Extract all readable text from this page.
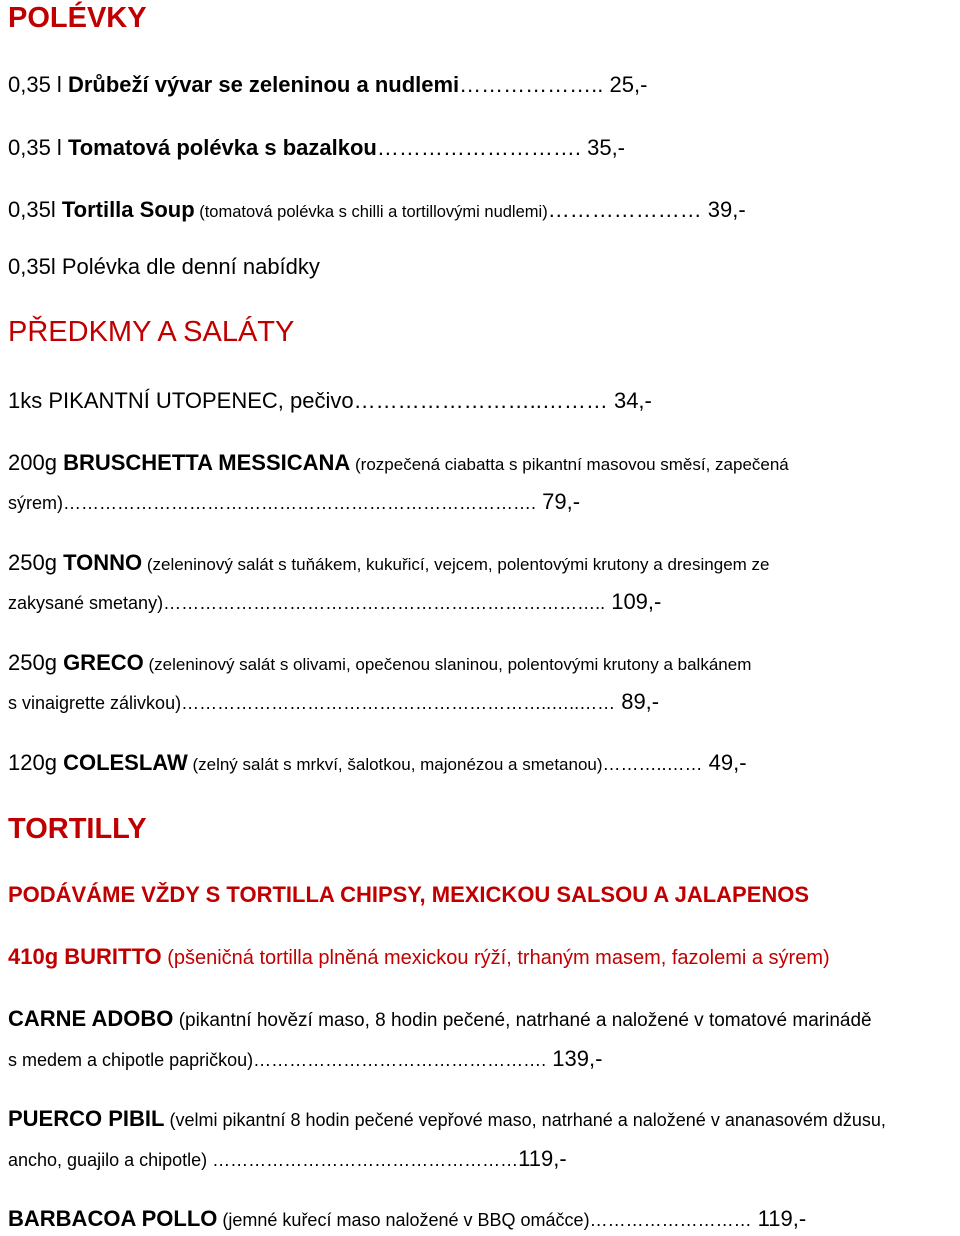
POLÉVKY
0,35 l Drůbeží vývar se zeleninou a nudlemi……………….. 25,-
0,35 l Tomatová polévka s bazalkou………………………. 35,-
0,35l Tortilla Soup (tomatová polévka s chilli a tortillovými nudlemi)………………… 39,-
0,35l Polévka dle denní nabídky
PŘEDKMY A SALÁTY
1ks PIKANTNÍ UTOPENEC, pečivo……………………..……… 34,-
200g BRUSCHETTA MESSICANA (rozpečená ciabatta s pikantní masovou směsí, zapečená
sýrem)……………………………………………………………………. 79,-
250g TONNO (zeleninový salát s tuňákem, kukuřicí, vejcem, polentovými krutony a dresingem ze
zakysané smetany)……………………………………………………………….. 109,-
250g GRECO (zeleninový salát s olivami, opečenou slaninou, polentovými krutony a balkánem
s vinaigrette zálivkou)……………………………………………………..…..…… 89,-
120g COLESLAW (zelný salát s mrkví, šalotkou, majonézou a smetanou)………..…… 49,-
TORTILLY
PODÁVÁME VŽDY S TORTILLA CHIPSY, MEXICKOU SALSOU A JALAPENOS
410g BURITTO (pšeničná tortilla plněná mexickou rýží, trhaným masem, fazolemi a sýrem)
CARNE ADOBO (pikantní hovězí maso, 8 hodin pečené, natrhané a naložené v tomatové marinádě
s medem a chipotle papričkou)…………………………………………. 139,-
PUERCO PIBIL (velmi pikantní 8 hodin pečené vepřové maso, natrhané a naložené v ananasovém džusu,
ancho, guajilo a chipotle) ……………………………………………119,-
BARBACOA POLLO (jemné kuřecí maso naložené v BBQ omáčce)……………………… 119,-
